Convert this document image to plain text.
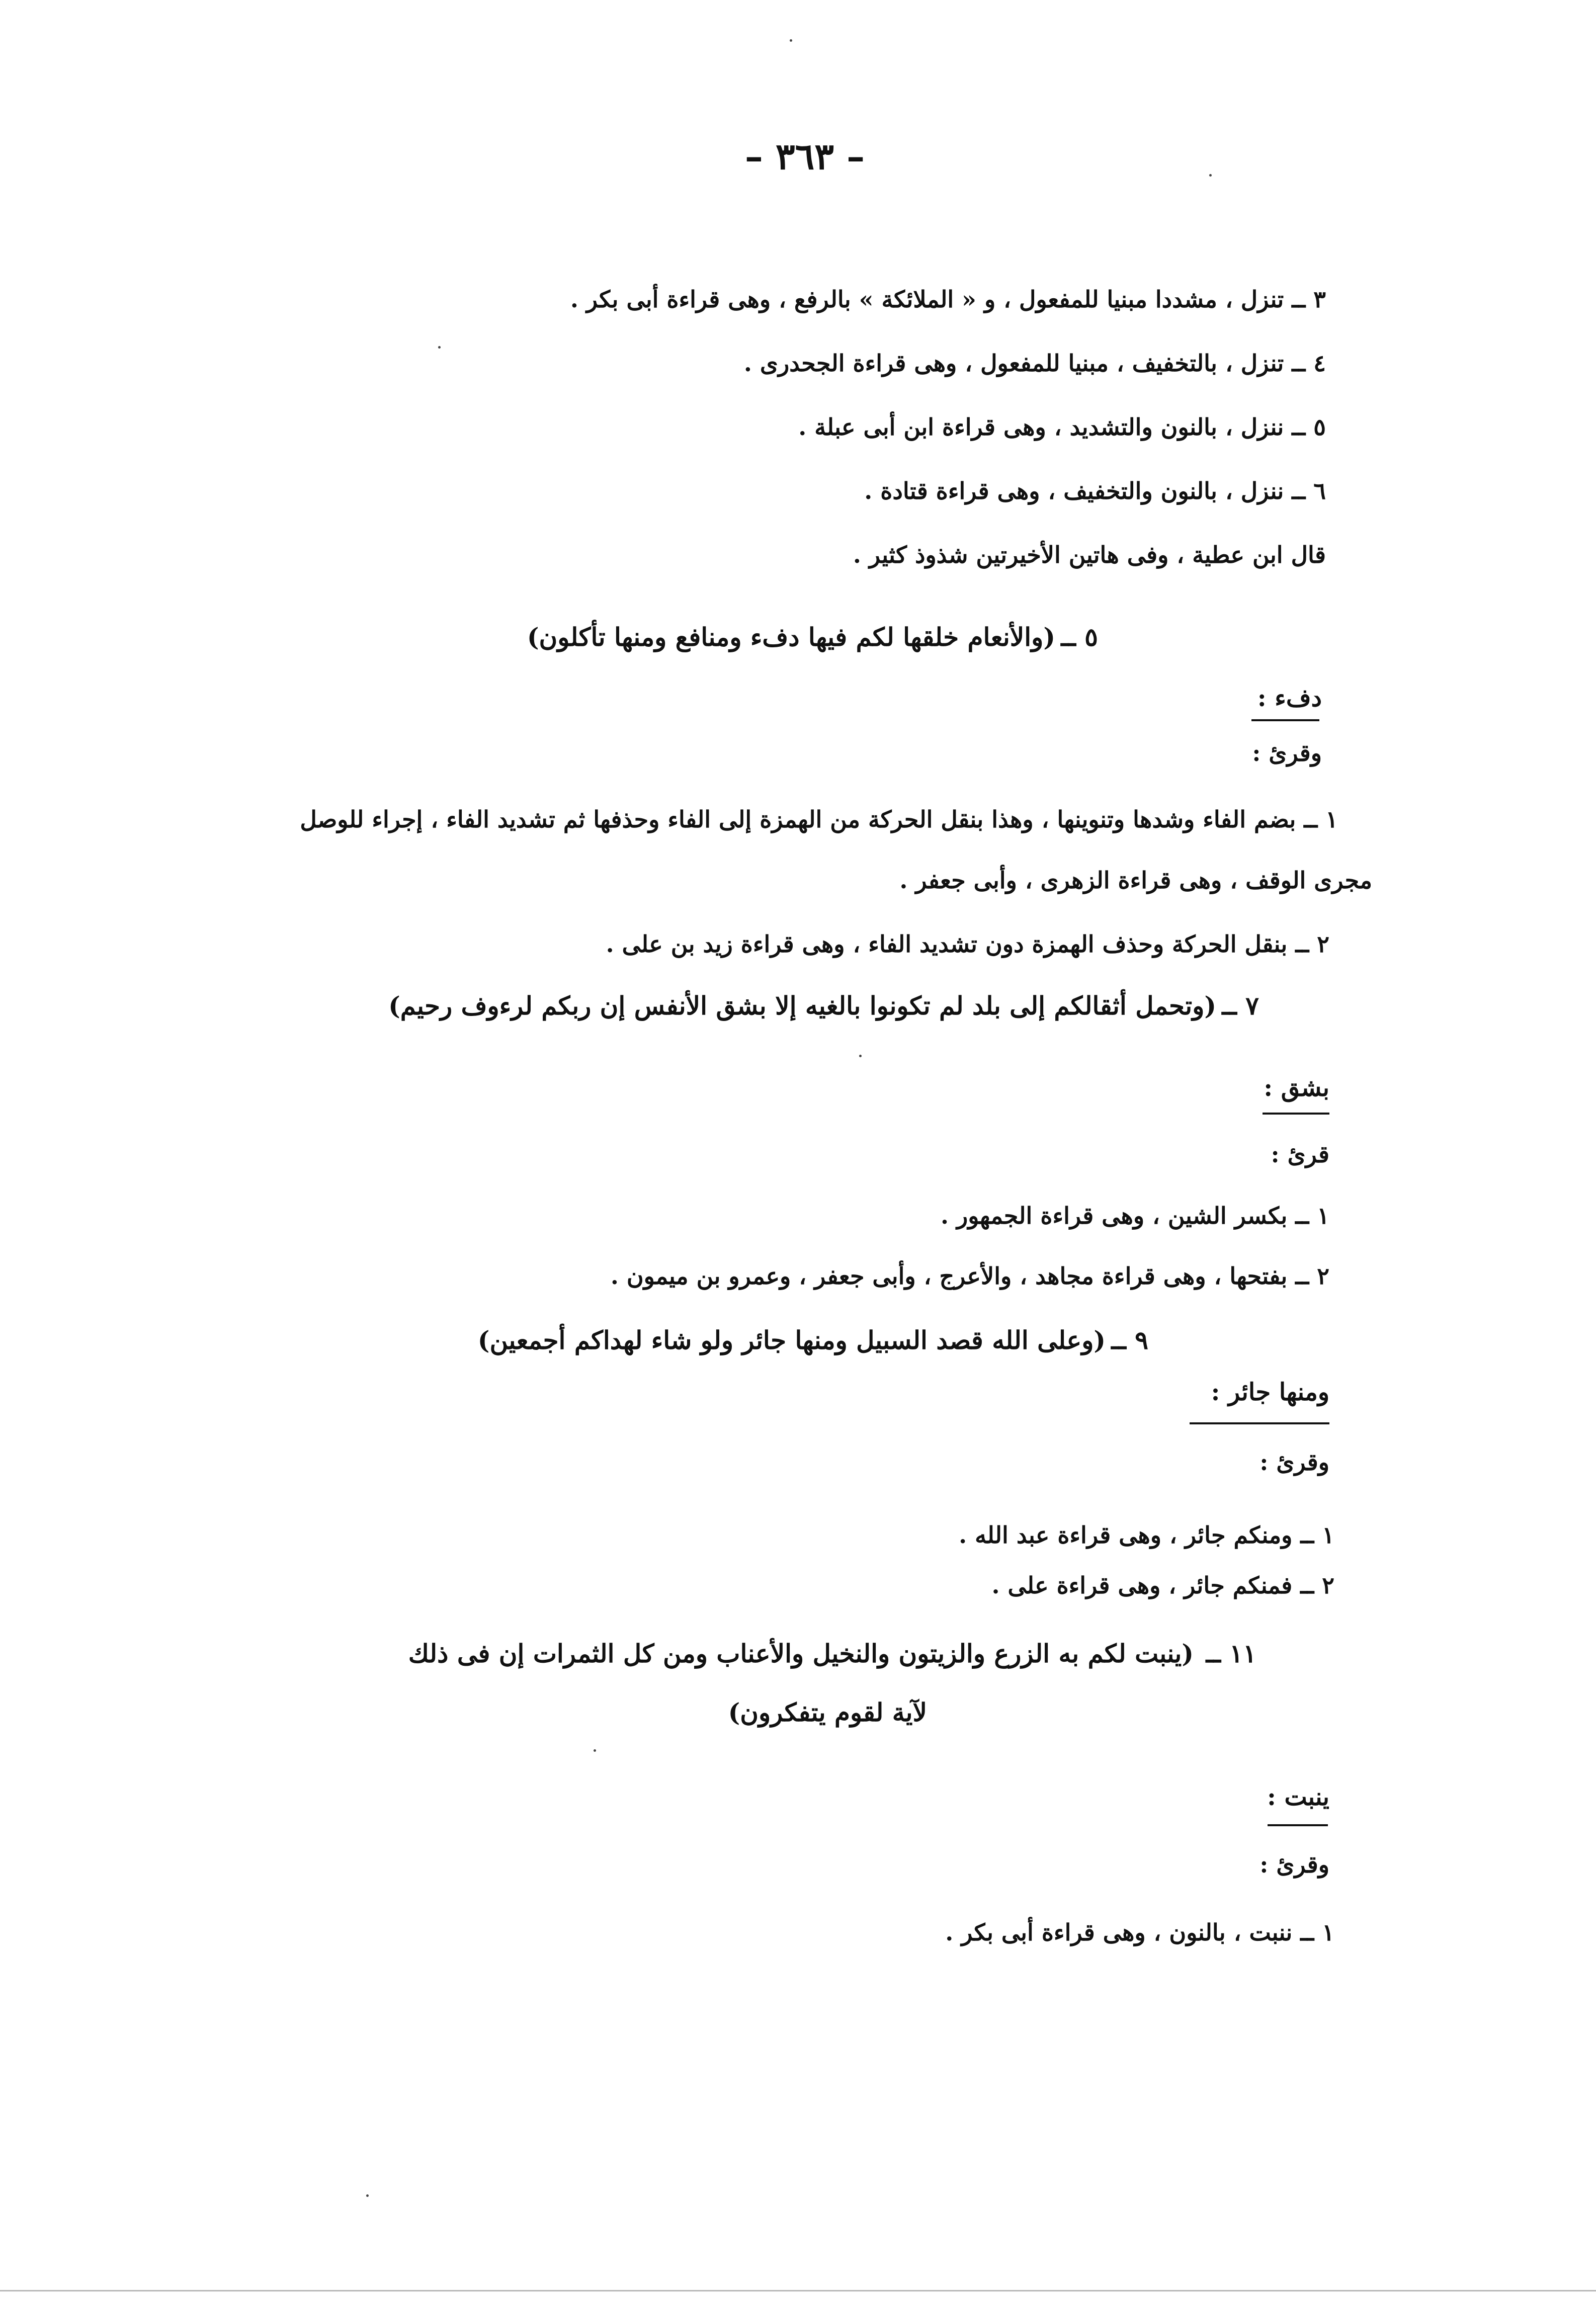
– ٣٦٣ –
٣ ــ تنزل ، مشددا مبنيا للمفعول ، و « الملائكة » بالرفع ، وهى قراءة أبى بكر .
٤ ــ تنزل ، بالتخفيف ، مبنيا للمفعول ، وهى قراءة الجحدرى .
٥ ــ ننزل ، بالنون والتشديد ، وهى قراءة ابن أبى عبلة .
٦ ــ ننزل ، بالنون والتخفيف ، وهى قراءة قتادة .
قال ابن عطية ، وفى هاتين الأخيرتين شذوذ كثير .
٥ ــ
(والأنعام خلقها لكم فيها دفء ومنافع ومنها تأكلون)
دفء :
وقرئ :
١ ــ بضم الفاء وشدها وتنوينها ، وهذا بنقل الحركة من الهمزة إلى الفاء وحذفها ثم تشديد الفاء ، إجراء للوصل
مجرى الوقف ، وهى قراءة الزهرى ، وأبى جعفر .
٢ ــ بنقل الحركة وحذف الهمزة دون تشديد الفاء ، وهى قراءة زيد بن على .
٧ ــ
(وتحمل أثقالكم إلى بلد لم تكونوا بالغيه إلا بشق الأنفس إن ربكم لرءوف رحيم)
بشق :
قرئ :
١ ــ بكسر الشين ، وهى قراءة الجمهور .
٢ ــ بفتحها ، وهى قراءة مجاهد ، والأعرج ، وأبى جعفر ، وعمرو بن ميمون .
٩ ــ
(وعلى الله قصد السبيل ومنها جائر ولو شاء لهداكم أجمعين)
ومنها جائر :
وقرئ :
١ ــ ومنكم جائر ، وهى قراءة عبد الله .
٢ ــ فمنكم جائر ، وهى قراءة على .
١١ ــ
(ينبت لكم به الزرع والزيتون والنخيل والأعناب ومن كل الثمرات إن فى ذلك
لآية لقوم يتفكرون)
ينبت :
وقرئ :
١ ــ ننبت ، بالنون ، وهى قراءة أبى بكر .
